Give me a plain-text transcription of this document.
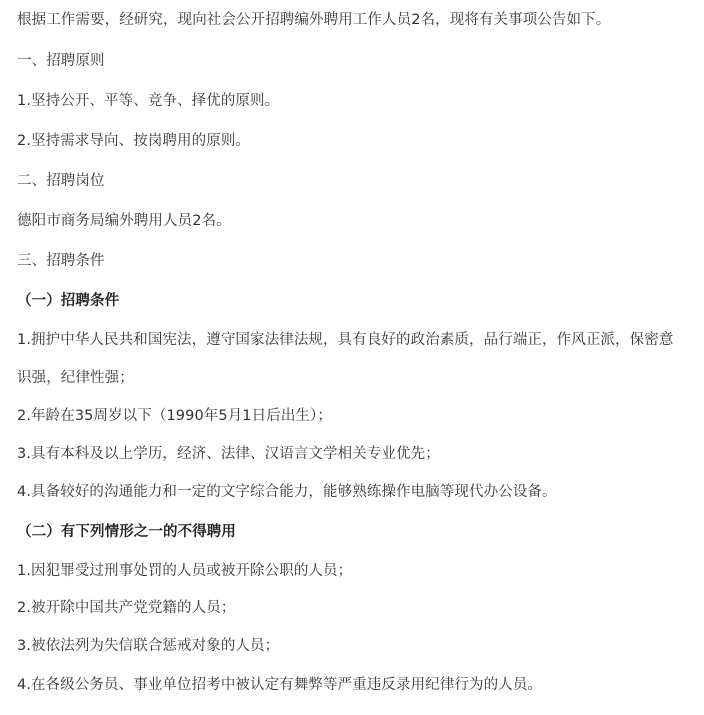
根据工作需要，经研究，现向社会公开招聘编外聘用工作人员2名，现将有关事项公告如下。
一、招聘原则
1.坚持公开、平等、竞争、择优的原则。
2.坚持需求导向、按岗聘用的原则。
二、招聘岗位
德阳市商务局编外聘用人员2名。
三、招聘条件
（一）招聘条件
1.拥护中华人民共和国宪法，遵守国家法律法规，具有良好的政治素质，品行端正，作风正派，保密意
识强，纪律性强；
2.年龄在35周岁以下（1990年5月1日后出生）；
3.具有本科及以上学历，经济、法律、汉语言文学相关专业优先；
4.具备较好的沟通能力和一定的文字综合能力，能够熟练操作电脑等现代办公设备。
（二）有下列情形之一的不得聘用
1.因犯罪受过刑事处罚的人员或被开除公职的人员；
2.被开除中国共产党党籍的人员；
3.被依法列为失信联合惩戒对象的人员；
4.在各级公务员、事业单位招考中被认定有舞弊等严重违反录用纪律行为的人员。
